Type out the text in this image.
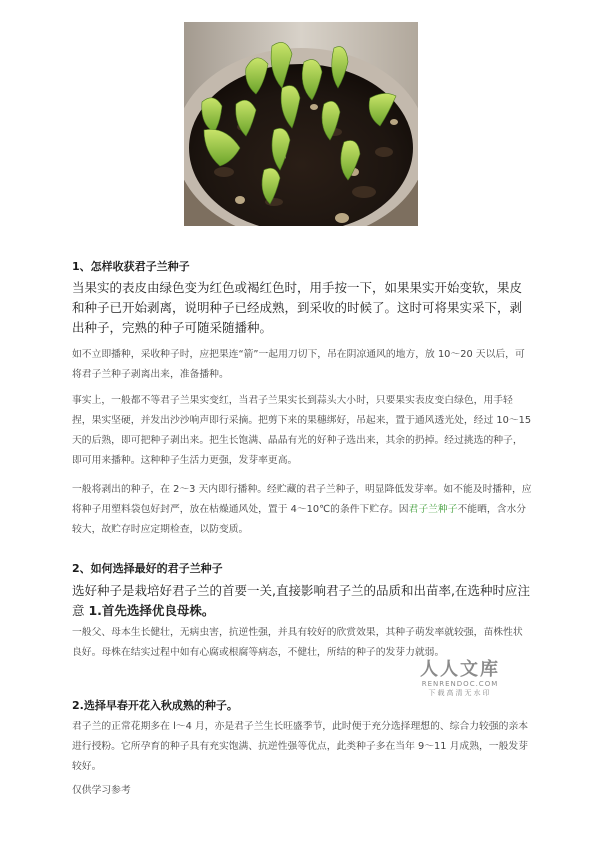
1、怎样收获君子兰种子

当果实的表皮由绿色变为红色或褐红色时，用手按一下，如果果实开始变软，果皮和种子已开始剥离，说明种子已经成熟，到采收的时候了。这时可将果实采下，剥出种子，完熟的种子可随采随播种。

如不立即播种，采收种子时，应把果连“箭”一起用刀切下，吊在阴凉通风的地方，放 10～20 天以后，可将君子兰种子剥离出来，准备播种。

事实上，一般都不等君子兰果实变红，当君子兰果实长到蒜头大小时，只要果实表皮变白绿色，用手轻捏，果实坚硬，并发出沙沙响声即行采摘。把剪下来的果穗绑好，吊起来，置于通风透光处，经过 10～15 天的后熟，即可把种子剥出来。把生长饱满、晶晶有光的好种子选出来，其余的扔掉。经过挑选的种子，即可用来播种。这种种子生活力更强，发芽率更高。

一般将剥出的种子，在 2～3 天内即行播种。经贮藏的君子兰种子，明显降低发芽率。如不能及时播种，应将种子用塑料袋包好封严，放在枯燥通风处，置于 4～10℃的条件下贮存。因君子兰种子不能晒，含水分较大，故贮存时应定期检查，以防变质。

2、如何选择最好的君子兰种子

选好种子是栽培好君子兰的首要一关,直接影响君子兰的品质和出苗率,在选种时应注意 1.首先选择优良母株。

一般父、母本生长健壮，无病虫害，抗逆性强，并具有较好的欣赏效果，其种子萌发率就较强，苗株性状良好。母株在结实过程中如有心腐或根腐等病态，不健壮，所结的种子的发芽力就弱。

2.选择早春开花入秋成熟的种子。

君子兰的正常花期多在 l～4 月，亦是君子兰生长旺盛季节，此时便于充分选择理想的、综合力较强的亲本进行授粉。它所孕育的种子具有充实饱满、抗逆性强等优点，此类种子多在当年 9～11 月成熟，一般发芽较好。

仅供学习参考

人人文库
RENRENDOC.COM
下载高清无水印
